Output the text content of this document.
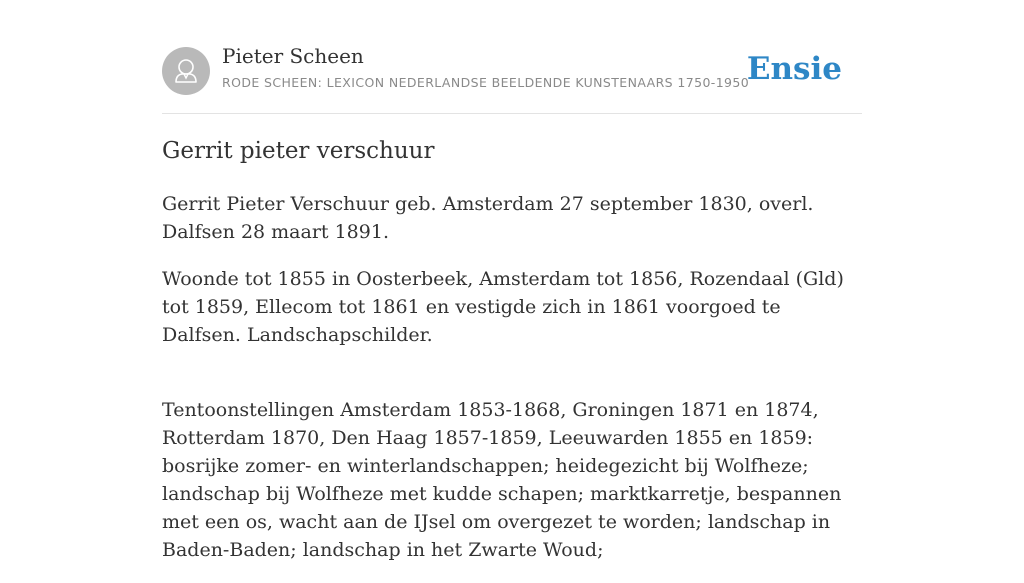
Pieter Scheen
RODE SCHEEN: LEXICON NEDERLANDSE BEELDENDE KUNSTENAARS 1750-1950
Ensie
Gerrit pieter verschuur

Gerrit Pieter Verschuur geb. Amsterdam 27 september 1830, overl. Dalfsen 28 maart 1891.

Woonde tot 1855 in Oosterbeek, Amsterdam tot 1856, Rozendaal (Gld) tot 1859, Ellecom tot 1861 en vestigde zich in 1861 voorgoed te Dalfsen. Landschapschilder.

Tentoonstellingen Amsterdam 1853-1868, Groningen 1871 en 1874, Rotterdam 1870, Den Haag 1857-1859, Leeuwarden 1855 en 1859: bosrijke zomer- en winterlandschappen; heidegezicht bij Wolfheze; landschap bij Wolfheze met kudde schapen; marktkarretje, bespannen met een os, wacht aan de IJsel om overgezet te worden; landschap in Baden-Baden; landschap in het Zwarte Woud;
